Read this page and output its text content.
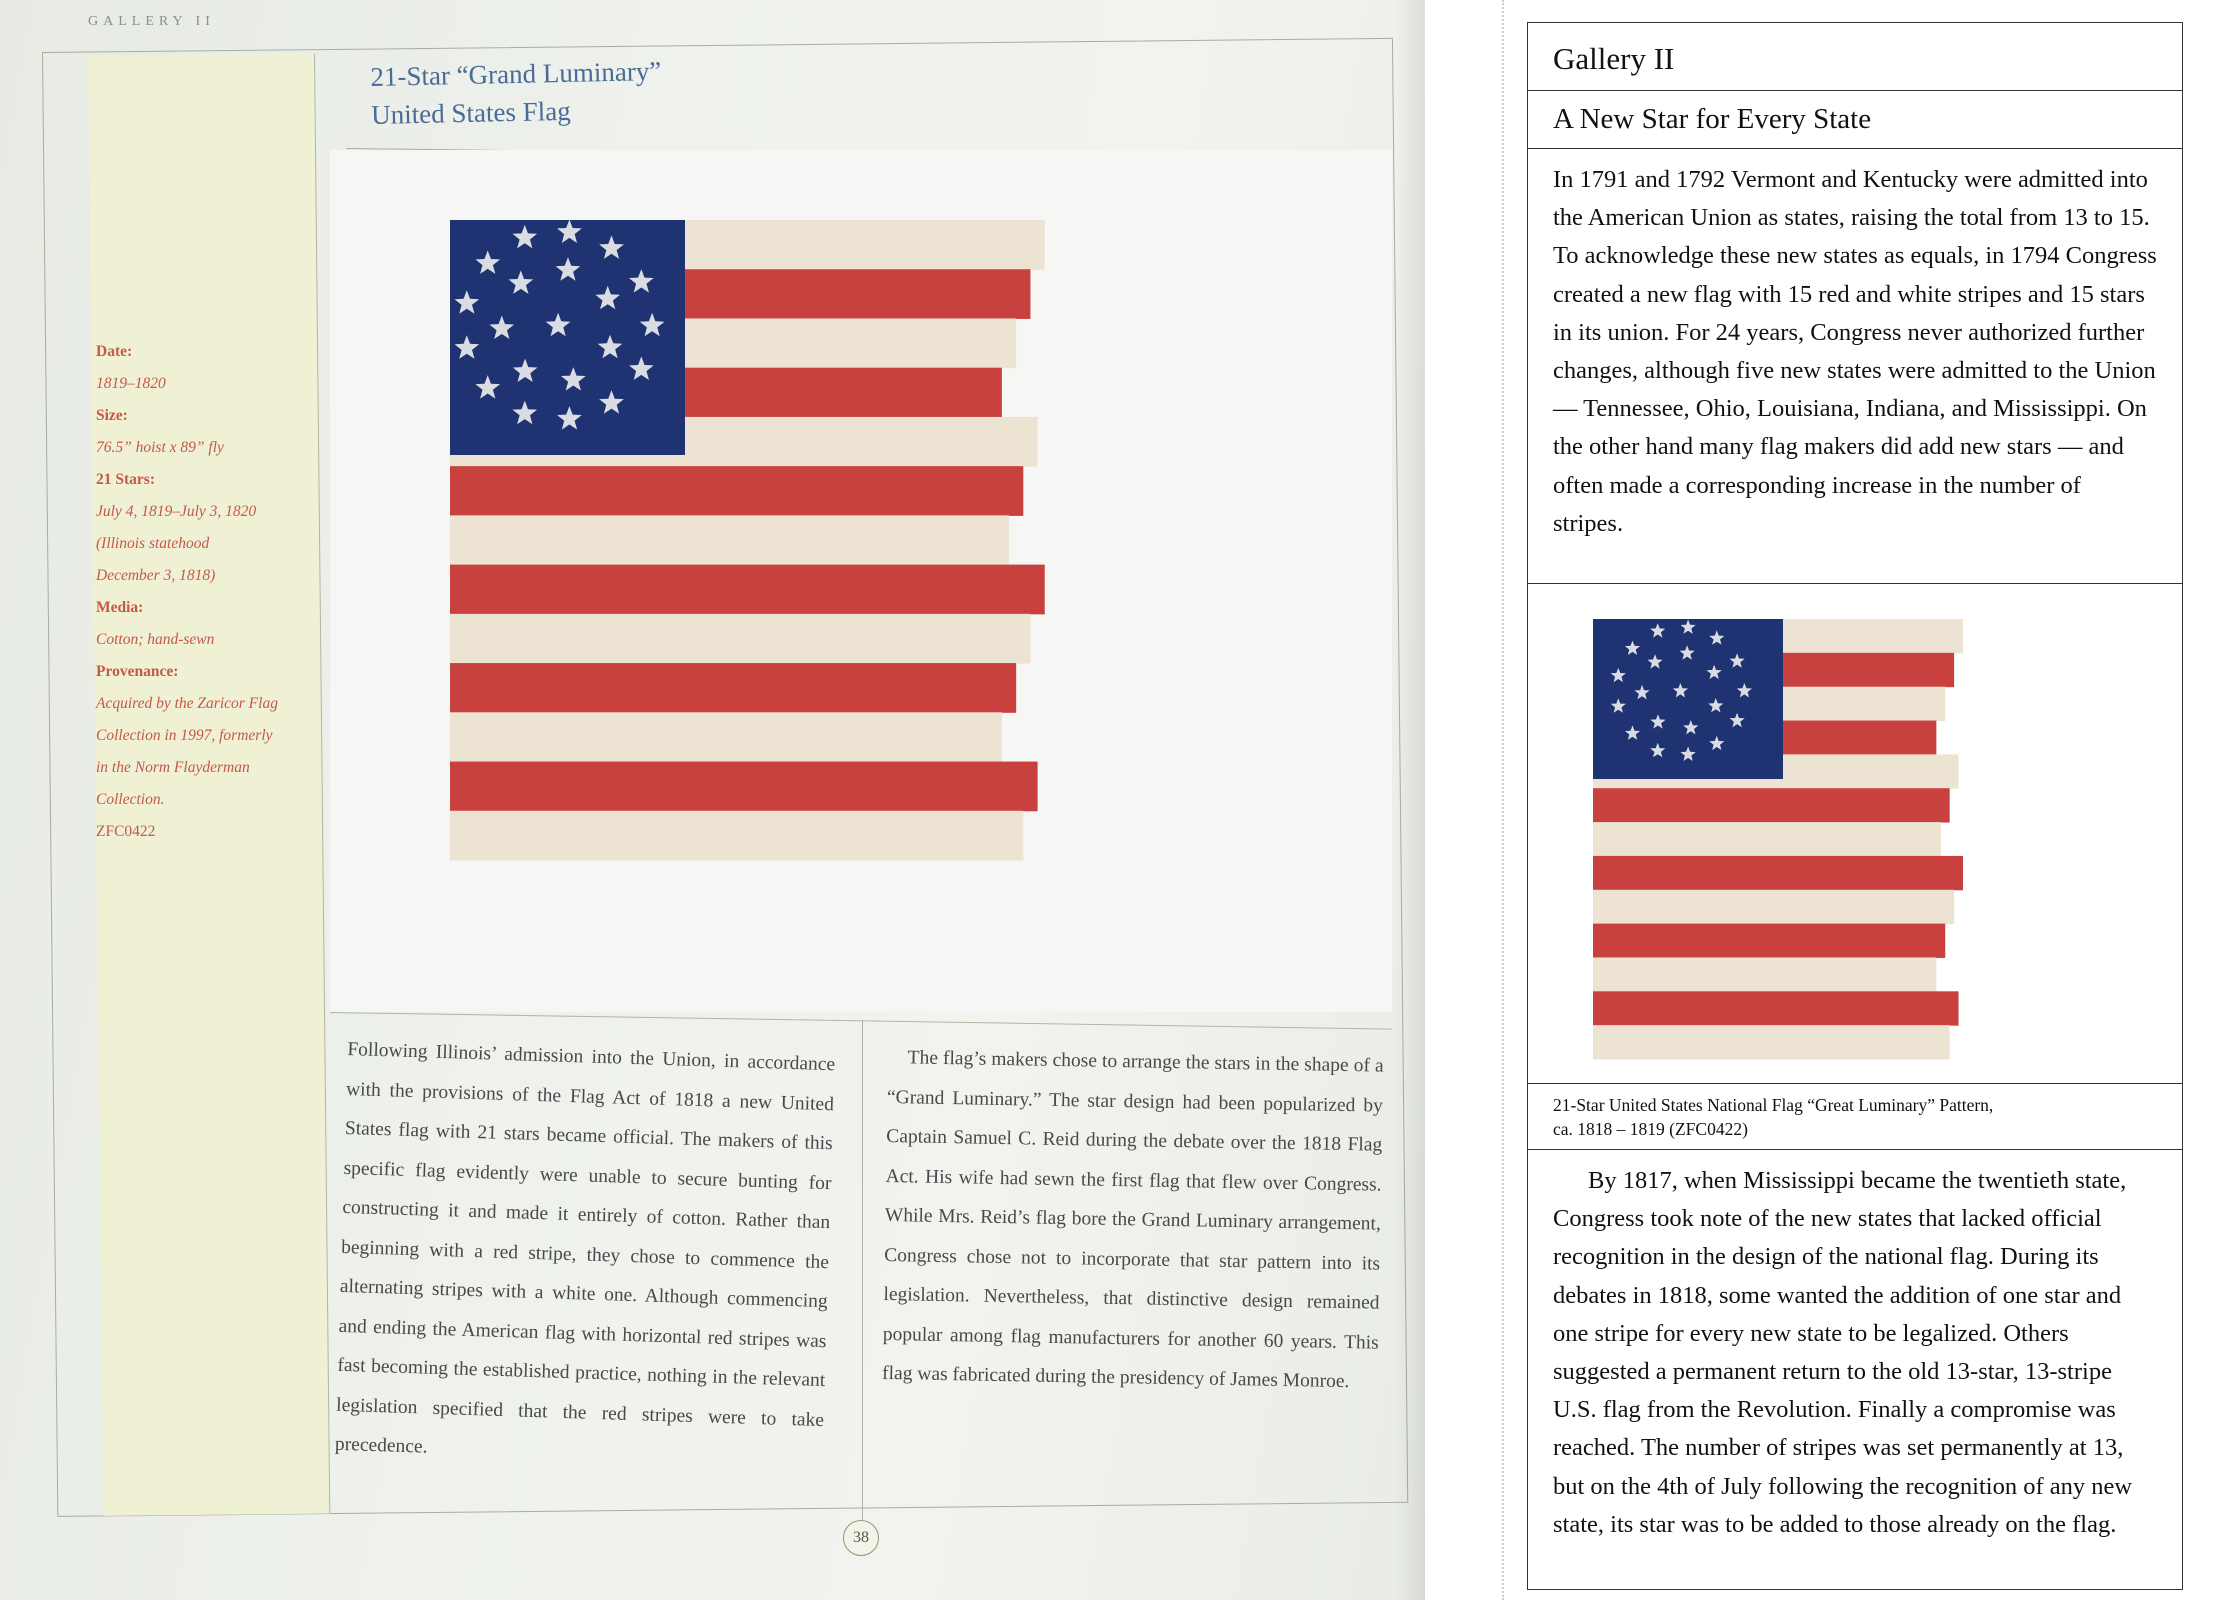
GALLERY II
Date:
1819–1820
Size:
76.5” hoist x 89” fly
21 Stars:
July 4, 1819–July 3, 1820
(Illinois statehood
December 3, 1818)
Media:
Cotton; hand-sewn
Provenance:
Acquired by the Zaricor Flag
Collection in 1997, formerly
in the Norm Flayderman
Collection.
ZFC0422
21-Star “Grand Luminary”
United States Flag
Following Illinois’ admission into the Union, in accordance with the provisions of the Flag Act of 1818 a new United States flag with 21 stars became official. The makers of this specific flag evidently were unable to secure bunting for constructing it and made it entirely of cotton. Rather than beginning with a red stripe, they chose to commence the alternating stripes with a white one. Although commencing and ending the American flag with horizontal red stripes was fast becoming the established practice, nothing in the relevant legislation specified that the red stripes were to take precedence.
The flag’s makers chose to arrange the stars in the shape of a “Grand Luminary.” The star design had been popularized by Captain Samuel C. Reid during the debate over the 1818 Flag Act. His wife had sewn the first flag that flew over Congress. While Mrs. Reid’s flag bore the Grand Luminary arrangement, Congress chose not to incorporate that star pattern into its legislation. Nevertheless, that distinctive design remained popular among flag manufacturers for another 60 years. This flag was fabricated during the presidency of James Monroe.
38
Gallery II
A New Star for Every State
In 1791 and 1792 Vermont and Kentucky were admitted into the American Union as states, raising the total from 13 to 15. To acknowledge these new states as equals, in 1794 Congress created a new flag with 15 red and white stripes and 15 stars in its union. For 24 years, Congress never authorized further changes, although five new states were admitted to the Union — Tennessee, Ohio, Louisiana, Indiana, and Mississippi. On the other hand many flag makers did add new stars — and often made a corresponding increase in the number of stripes.
21-Star United States National Flag “Great Luminary” Pattern,
ca. 1818 – 1819 (ZFC0422)
By 1817, when Mississippi became the twentieth state, Congress took note of the new states that lacked official recognition in the design of the national flag. During its debates in 1818, some wanted the addition of one star and one stripe for every new state to be legalized. Others suggested a permanent return to the old 13-star, 13-stripe U.S. flag from the Revolution. Finally a compromise was reached. The number of stripes was set permanently at 13, but on the 4th of July following the recognition of any new state, its star was to be added to those already on the flag.
